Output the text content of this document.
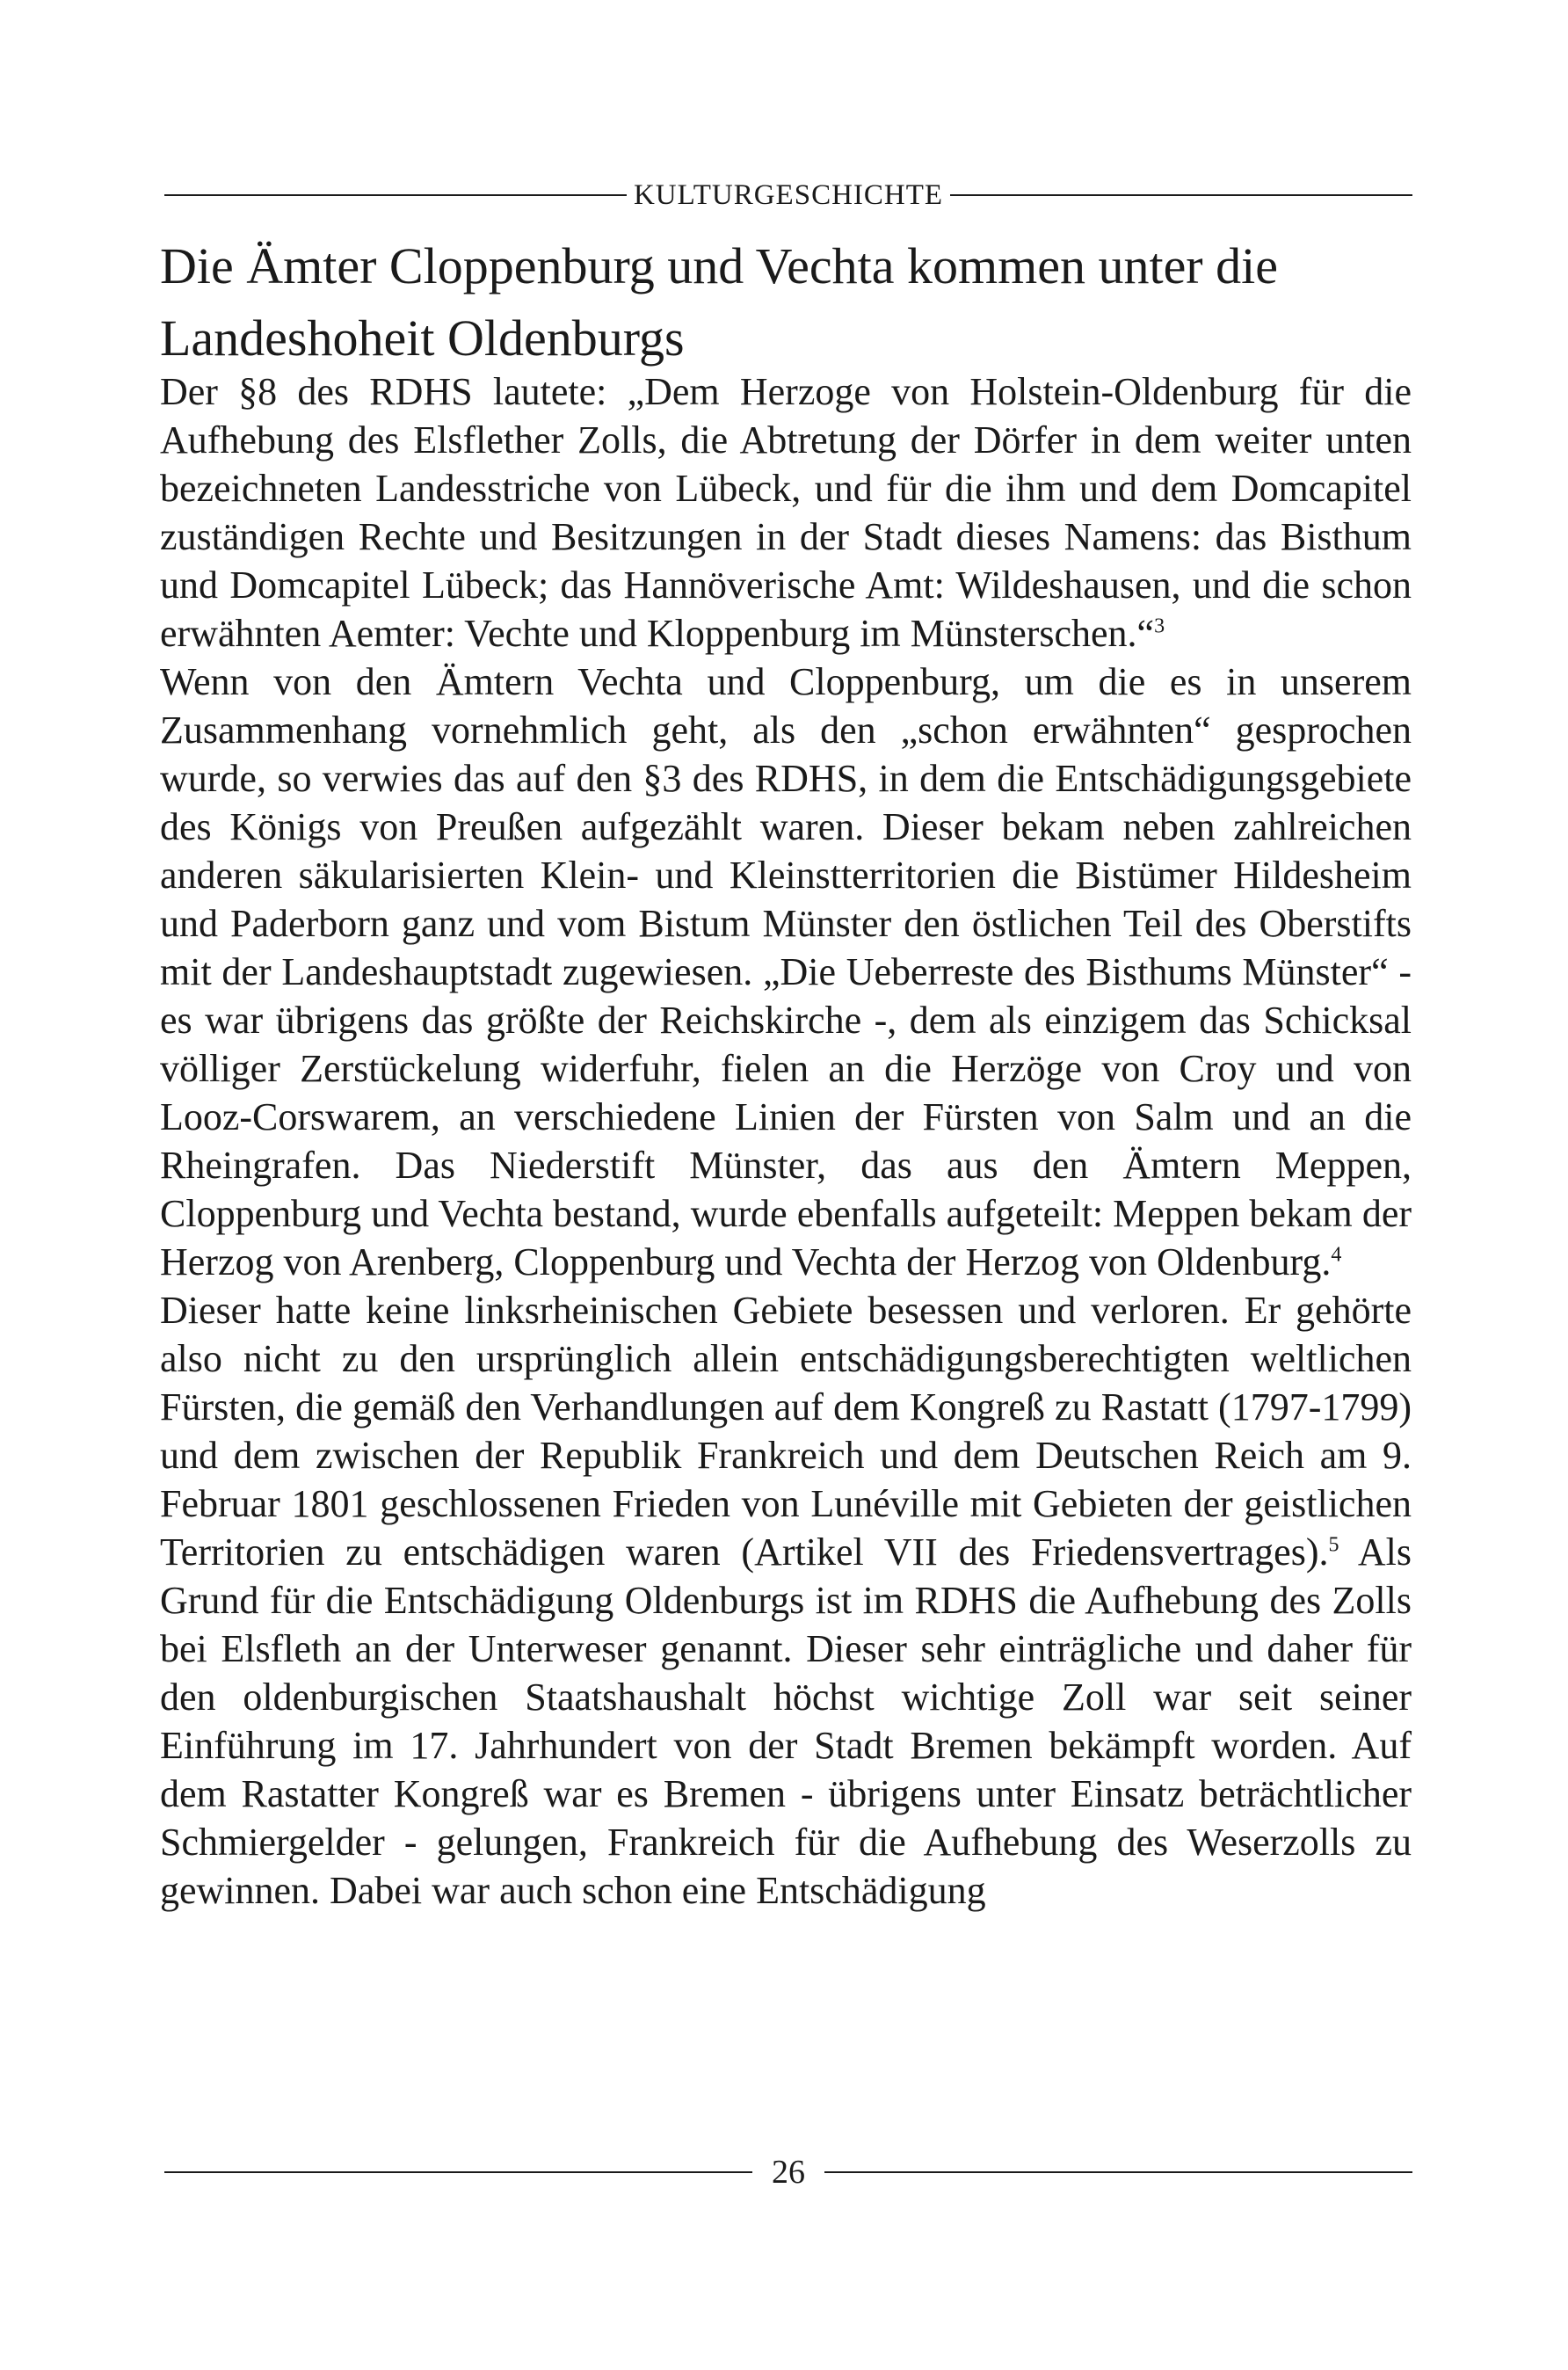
KULTURGESCHICHTE
Die Ämter Cloppenburg und Vechta kommen unter die Landeshoheit Oldenburgs

Der §8 des RDHS lautete: „Dem Herzoge von Holstein-Oldenburg für die Aufhebung des Elsflether Zolls, die Abtretung der Dörfer in dem weiter unten bezeichneten Landesstriche von Lübeck, und für die ihm und dem Domcapitel zuständigen Rechte und Besitzungen in der Stadt dieses Namens: das Bisthum und Domcapitel Lübeck; das Hannöverische Amt: Wildeshausen, und die schon erwähnten Aemter: Vechte und Kloppenburg im Münsterschen.“$^3$

Wenn von den Ämtern Vechta und Cloppenburg, um die es in unserem Zusammenhang vornehmlich geht, als den „schon erwähnten“ gesprochen wurde, so verwies das auf den §3 des RDHS, in dem die Entschädigungsgebiete des Königs von Preußen aufgezählt waren. Dieser bekam neben zahlreichen anderen säkularisierten Klein- und Kleinstterritorien die Bistümer Hildesheim und Paderborn ganz und vom Bistum Münster den östlichen Teil des Oberstifts mit der Landeshauptstadt zugewiesen. „Die Ueberreste des Bisthums Münster“ - es war übrigens das größte der Reichskirche -, dem als einzigem das Schicksal völliger Zerstückelung widerfuhr, fielen an die Herzöge von Croy und von Looz-Corswarem, an verschiedene Linien der Fürsten von Salm und an die Rheingrafen. Das Niederstift Münster, das aus den Ämtern Meppen, Cloppenburg und Vechta bestand, wurde ebenfalls aufgeteilt: Meppen bekam der Herzog von Arenberg, Cloppenburg und Vechta der Herzog von Oldenburg.$^4$

Dieser hatte keine linksrheinischen Gebiete besessen und verloren. Er gehörte also nicht zu den ursprünglich allein entschädigungsberechtigten weltlichen Fürsten, die gemäß den Verhandlungen auf dem Kongreß zu Rastatt (1797-1799) und dem zwischen der Republik Frankreich und dem Deutschen Reich am 9. Februar 1801 geschlossenen Frieden von Lunéville mit Gebieten der geistlichen Territorien zu entschädigen waren (Artikel VII des Friedensvertrages).$^5$ Als Grund für die Entschädigung Oldenburgs ist im RDHS die Aufhebung des Zolls bei Elsfleth an der Unterweser genannt. Dieser sehr einträgliche und daher für den oldenburgischen Staatshaushalt höchst wichtige Zoll war seit seiner Einführung im 17. Jahrhundert von der Stadt Bremen bekämpft worden. Auf dem Rastatter Kongreß war es Bremen - übrigens unter Einsatz beträchtlicher Schmiergelder - gelungen, Frankreich für die Aufhebung des Weserzolls zu gewinnen. Dabei war auch schon eine Entschädigung

26
